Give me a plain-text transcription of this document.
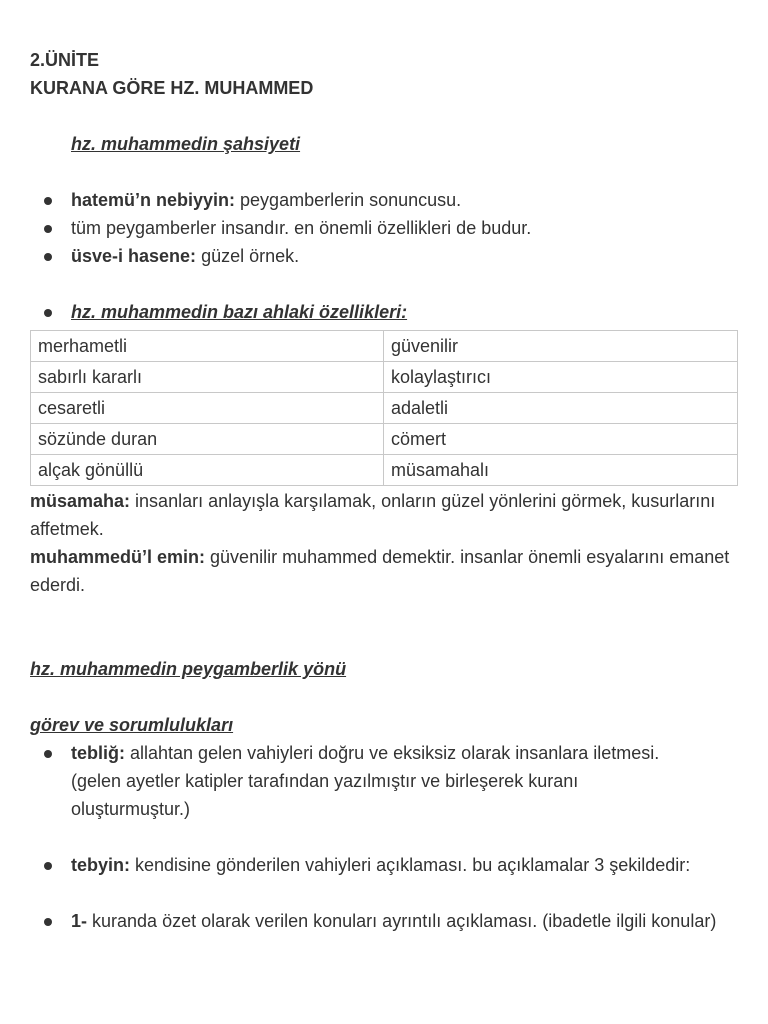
2.ÜNİTE
KURANA GÖRE HZ. MUHAMMED
hz. muhammedin şahsiyeti
hatemü’n nebiyyin: peygamberlerin sonuncusu.
tüm peygamberler insandır. en önemli özellikleri de budur.
üsve-i hasene: güzel örnek.
hz. muhammedin bazı ahlaki özellikleri:
merhametli	güvenilir
sabırlı kararlı	kolaylaştırıcı
cesaretli	adaletli
sözünde duran	cömert
alçak gönüllü	müsamahalı
müsamaha: insanları anlayışla karşılamak, onların güzel yönlerini görmek, kusurlarını affetmek.
muhammedü’l emin: güvenilir muhammed demektir. insanlar önemli esyalarını emanet ederdi.
hz. muhammedin peygamberlik yönü
görev ve sorumlulukları
tebliğ: allahtan gelen vahiyleri doğru ve eksiksiz olarak insanlara iletmesi. (gelen ayetler katipler tarafından yazılmıştır ve birleşerek kuranı oluşturmuştur.)
tebyin: kendisine gönderilen vahiyleri açıklaması. bu açıklamalar 3 şekildedir:
1- kuranda özet olarak verilen konuları ayrıntılı açıklaması. (ibadetle ilgili konular)
